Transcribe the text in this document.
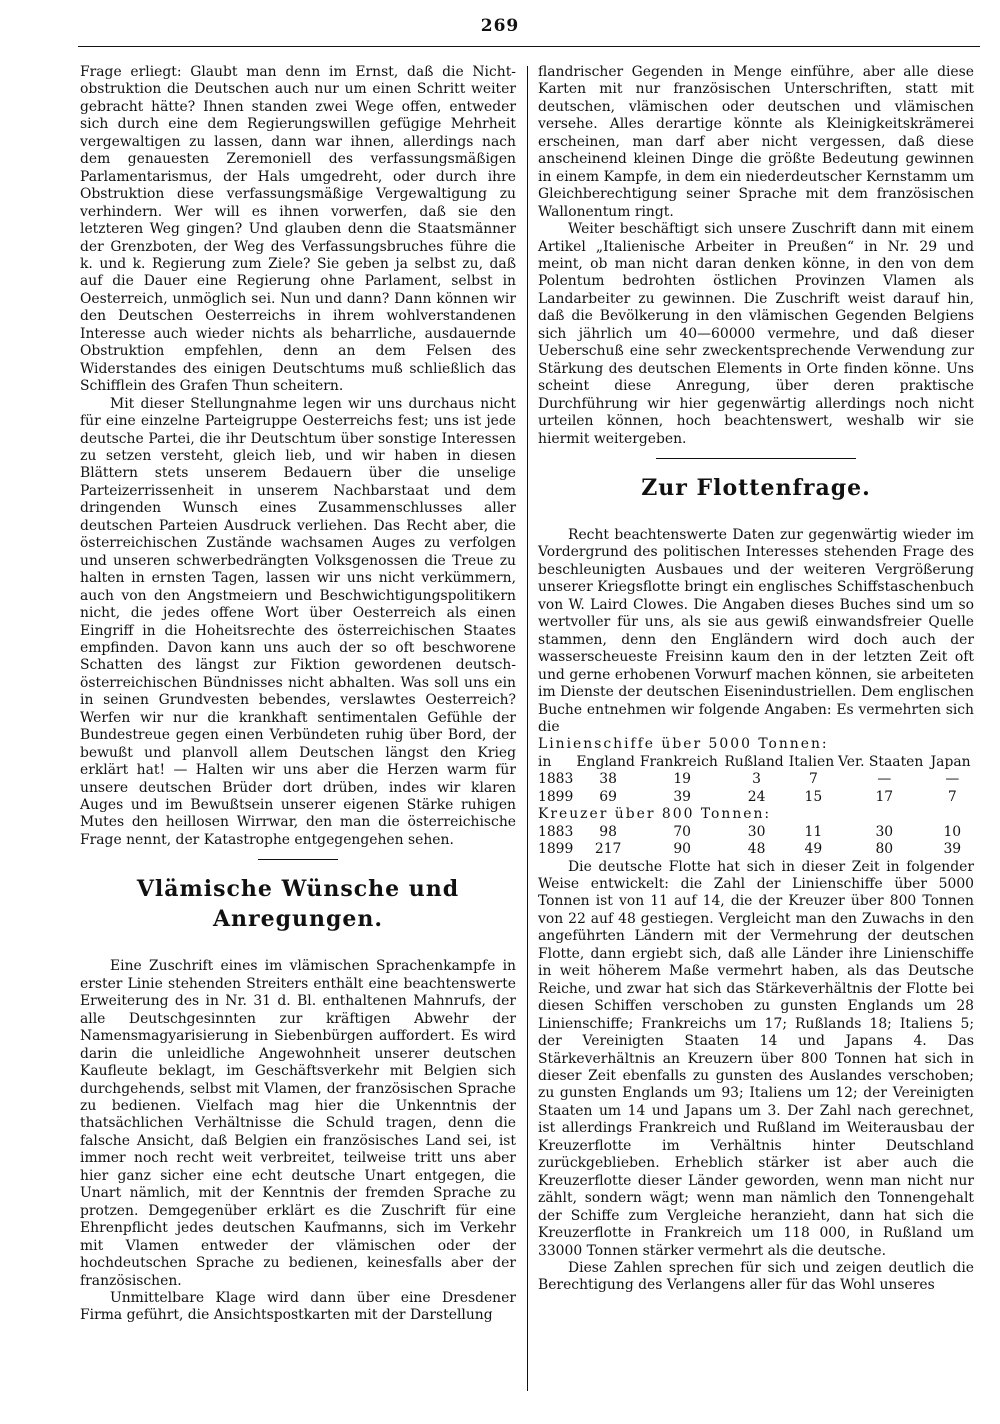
269

Frage erliegt: Glaubt man denn im Ernst, daß die Nicht-obstruktion die Deutschen auch nur um einen Schritt weiter gebracht hätte? Ihnen standen zwei Wege offen, entweder sich durch eine dem Regierungswillen gefügige Mehrheit vergewaltigen zu lassen, dann war ihnen, allerdings nach dem genauesten Zeremoniell des verfassungsmäßigen Parlamentarismus, der Hals umgedreht, oder durch ihre Obstruktion diese verfassungsmäßige Vergewaltigung zu verhindern. Wer will es ihnen vorwerfen, daß sie den letzteren Weg gingen? Und glauben denn die Staatsmänner der Grenzboten, der Weg des Verfassungsbruches führe die k. und k. Regierung zum Ziele? Sie geben ja selbst zu, daß auf die Dauer eine Regierung ohne Parlament, selbst in Oesterreich, unmöglich sei. Nun und dann? Dann können wir den Deutschen Oesterreichs in ihrem wohlverstandenen Interesse auch wieder nichts als beharrliche, ausdauernde Obstruktion empfehlen, denn an dem Felsen des Widerstandes des einigen Deutschtums muß schließlich das Schifflein des Grafen Thun scheitern.

Mit dieser Stellungnahme legen wir uns durchaus nicht für eine einzelne Parteigruppe Oesterreichs fest; uns ist jede deutsche Partei, die ihr Deutschtum über sonstige Interessen zu setzen versteht, gleich lieb, und wir haben in diesen Blättern stets unserem Bedauern über die unselige Parteizerrissenheit in unserem Nachbarstaat und dem dringenden Wunsch eines Zusammenschlusses aller deutschen Parteien Ausdruck verliehen. Das Recht aber, die österreichischen Zustände wachsamen Auges zu verfolgen und unseren schwerbedrängten Volksgenossen die Treue zu halten in ernsten Tagen, lassen wir uns nicht verkümmern, auch von den Angstmeiern und Beschwichtigungspolitikern nicht, die jedes offene Wort über Oesterreich als einen Eingriff in die Hoheitsrechte des österreichischen Staates empfinden. Davon kann uns auch der so oft beschworene Schatten des längst zur Fiktion gewordenen deutsch-österreichischen Bündnisses nicht abhalten. Was soll uns ein in seinen Grundvesten bebendes, verslawtes Oesterreich? Werfen wir nur die krankhaft sentimentalen Gefühle der Bundestreue gegen einen Verbündeten ruhig über Bord, der bewußt und planvoll allem Deutschen längst den Krieg erklärt hat! — Halten wir uns aber die Herzen warm für unsere deutschen Brüder dort drüben, indes wir klaren Auges und im Bewußtsein unserer eigenen Stärke ruhigen Mutes den heillosen Wirrwar, den man die österreichische Frage nennt, der Katastrophe entgegengehen sehen.

Vlämische Wünsche und Anregungen.

Eine Zuschrift eines im vlämischen Sprachenkampfe in erster Linie stehenden Streiters enthält eine beachtenswerte Erweiterung des in Nr. 31 d. Bl. enthaltenen Mahnrufs, der alle Deutschgesinnten zur kräftigen Abwehr der Namensmagyarisierung in Siebenbürgen auffordert. Es wird darin die unleidliche Angewohnheit unserer deutschen Kaufleute beklagt, im Geschäftsverkehr mit Belgien sich durchgehends, selbst mit Vlamen, der französischen Sprache zu bedienen. Vielfach mag hier die Unkenntnis der thatsächlichen Verhältnisse die Schuld tragen, denn die falsche Ansicht, daß Belgien ein französisches Land sei, ist immer noch recht weit verbreitet, teilweise tritt uns aber hier ganz sicher eine echt deutsche Unart entgegen, die Unart nämlich, mit der Kenntnis der fremden Sprache zu protzen. Demgegenüber erklärt es die Zuschrift für eine Ehrenpflicht jedes deutschen Kaufmanns, sich im Verkehr mit Vlamen entweder der vlämischen oder der hochdeutschen Sprache zu bedienen, keinesfalls aber der französischen.

Unmittelbare Klage wird dann über eine Dresdener Firma geführt, die Ansichtspostkarten mit der Darstellung

flandrischer Gegenden in Menge einführe, aber alle diese Karten mit nur französischen Unterschriften, statt mit deutschen, vlämischen oder deutschen und vlämischen versehe. Alles derartige könnte als Kleinigkeitskrämerei erscheinen, man darf aber nicht vergessen, daß diese anscheinend kleinen Dinge die größte Bedeutung gewinnen in einem Kampfe, in dem ein niederdeutscher Kernstamm um Gleichberechtigung seiner Sprache mit dem französischen Wallonentum ringt.

Weiter beschäftigt sich unsere Zuschrift dann mit einem Artikel „Italienische Arbeiter in Preußen“ in Nr. 29 und meint, ob man nicht daran denken könne, in den von dem Polentum bedrohten östlichen Provinzen Vlamen als Landarbeiter zu gewinnen. Die Zuschrift weist darauf hin, daß die Bevölkerung in den vlämischen Gegenden Belgiens sich jährlich um 40—60000 vermehre, und daß dieser Ueberschuß eine sehr zweckentsprechende Verwendung zur Stärkung des deutschen Elements in Orte finden könne. Uns scheint diese Anregung, über deren praktische Durchführung wir hier gegenwärtig allerdings noch nicht urteilen können, hoch beachtenswert, weshalb wir sie hiermit weitergeben.

Zur Flottenfrage.

Recht beachtenswerte Daten zur gegenwärtig wieder im Vordergrund des politischen Interesses stehenden Frage des beschleunigten Ausbaues und der weiteren Vergrößerung unserer Kriegsflotte bringt ein englisches Schiffstaschenbuch von W. Laird Clowes. Die Angaben dieses Buches sind um so wertvoller für uns, als sie aus gewiß einwandsfreier Quelle stammen, denn den Engländern wird doch auch der wasserscheueste Freisinn kaum den in der letzten Zeit oft und gerne erhobenen Vorwurf machen können, sie arbeiteten im Dienste der deutschen Eisenindustriellen. Dem englischen Buche entnehmen wir folgende Angaben: Es vermehrten sich die

Linienschiffe über 5000 Tonnen:						
in	England	Frankreich	Rußland	Italien	Ver. Staaten	Japan
1883	38	19	3	7	—	—
1899	69	39	24	15	17	7
Kreuzer über 800 Tonnen:						
1883	98	70	30	11	30	10
1899	217	90	48	49	80	39

Die deutsche Flotte hat sich in dieser Zeit in folgender Weise entwickelt: die Zahl der Linienschiffe über 5000 Tonnen ist von 11 auf 14, die der Kreuzer über 800 Tonnen von 22 auf 48 gestiegen. Vergleicht man den Zuwachs in den angeführten Ländern mit der Vermehrung der deutschen Flotte, dann ergiebt sich, daß alle Länder ihre Linienschiffe in weit höherem Maße vermehrt haben, als das Deutsche Reiche, und zwar hat sich das Stärkeverhältnis der Flotte bei diesen Schiffen verschoben zu gunsten Englands um 28 Linienschiffe; Frankreichs um 17; Rußlands 18; Italiens 5; der Vereinigten Staaten 14 und Japans 4. Das Stärkeverhältnis an Kreuzern über 800 Tonnen hat sich in dieser Zeit ebenfalls zu gunsten des Auslandes verschoben; zu gunsten Englands um 93; Italiens um 12; der Vereinigten Staaten um 14 und Japans um 3. Der Zahl nach gerechnet, ist allerdings Frankreich und Rußland im Weiterausbau der Kreuzerflotte im Verhältnis hinter Deutschland zurückgeblieben. Erheblich stärker ist aber auch die Kreuzerflotte dieser Länder geworden, wenn man nicht nur zählt, sondern wägt; wenn man nämlich den Tonnengehalt der Schiffe zum Vergleiche heranzieht, dann hat sich die Kreuzerflotte in Frankreich um 118 000, in Rußland um 33000 Tonnen stärker vermehrt als die deutsche.

Diese Zahlen sprechen für sich und zeigen deutlich die Berechtigung des Verlangens aller für das Wohl unseres
